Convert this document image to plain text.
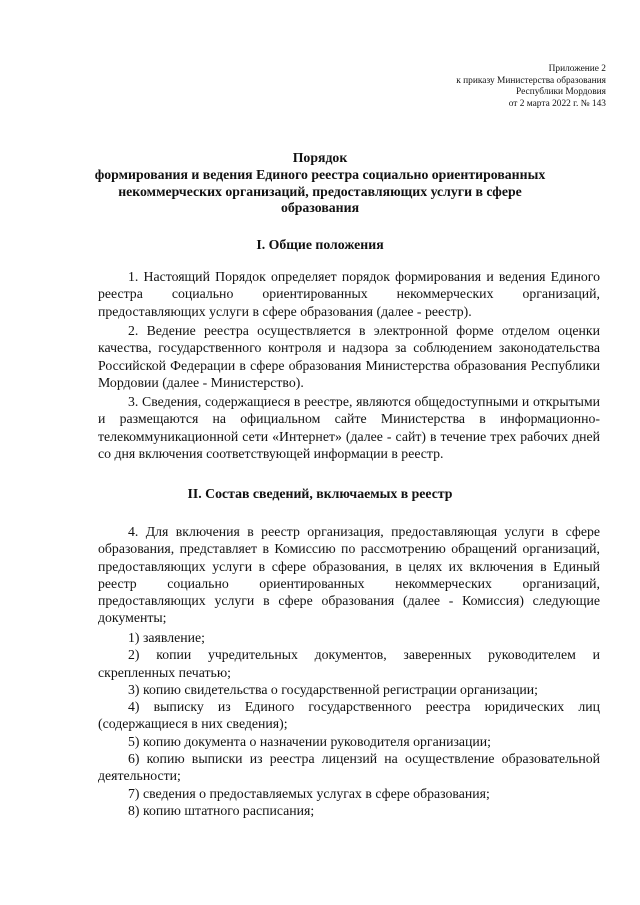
Приложение 2
к приказу Министерства образования
Республики Мордовия
от 2 марта 2022 г. № 143
Порядок
формирования и ведения Единого реестра социально ориентированных
некоммерческих организаций, предоставляющих услуги в сфере
образования
I. Общие положения
1. Настоящий Порядок определяет порядок формирования и ведения Единого реестра социально ориентированных некоммерческих организаций, предоставляющих услуги в сфере образования (далее - реестр).
2. Ведение реестра осуществляется в электронной форме отделом оценки качества, государственного контроля и надзора за соблюдением законодательства Российской Федерации в сфере образования Министерства образования Республики Мордовии (далее - Министерство).
3. Сведения, содержащиеся в реестре, являются общедоступными и открытыми и размещаются на официальном сайте Министерства в информационно-телекоммуникационной сети «Интернет» (далее - сайт) в течение трех рабочих дней со дня включения соответствующей информации в реестр.
II. Состав сведений, включаемых в реестр
4. Для включения в реестр организация, предоставляющая услуги в сфере образования, представляет в Комиссию по рассмотрению обращений организаций, предоставляющих услуги в сфере образования, в целях их включения в Единый реестр социально ориентированных некоммерческих организаций, предоставляющих услуги в сфере образования (далее - Комиссия) следующие документы;
1) заявление;
2) копии учредительных документов, заверенных руководителем и скрепленных печатью;
3) копию свидетельства о государственной регистрации организации;
4) выписку из Единого государственного реестра юридических лиц (содержащиеся в них сведения);
5) копию документа о назначении руководителя организации;
6) копию выписки из реестра лицензий на осуществление образовательной деятельности;
7) сведения о предоставляемых услугах в сфере образования;
8) копию штатного расписания;
